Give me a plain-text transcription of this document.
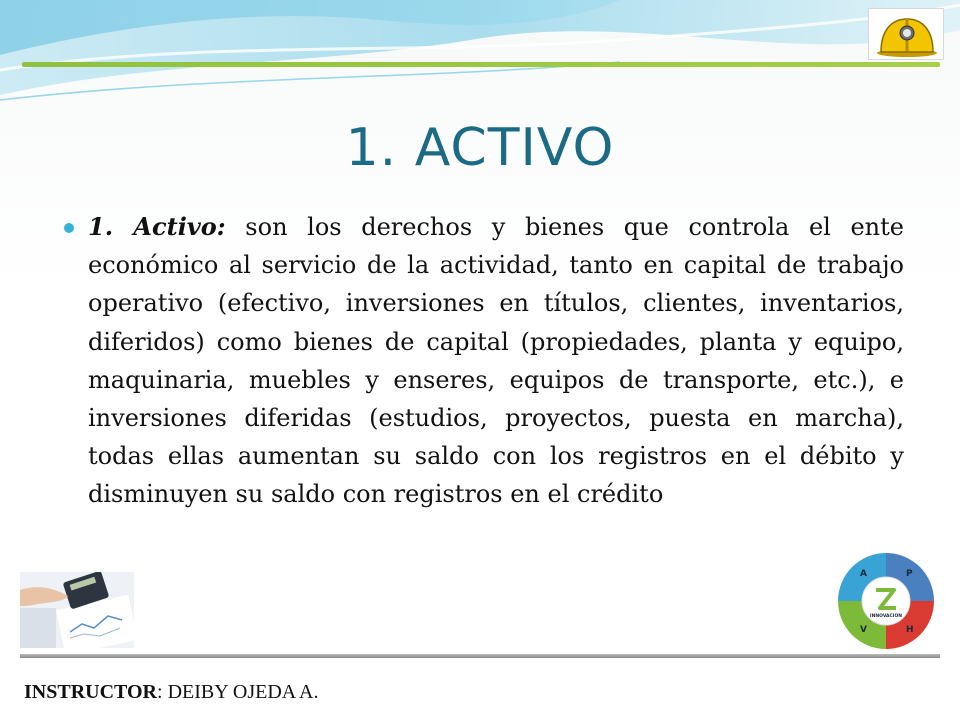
1. ACTIVO

1. Activo: son los derechos y bienes que controla el ente económico al servicio de la actividad, tanto en capital de trabajo operativo (efectivo, inversiones en títulos, clientes, inventarios, diferidos) como bienes de capital (propiedades, planta y equipo, maquinaria, muebles y enseres, equipos de transporte, etc.), e inversiones diferidas (estudios, proyectos, puesta en marcha), todas ellas aumentan su saldo con los registros en el débito y disminuyen su saldo con registros en el crédito

A	P
V	H
INNOVACION
INSTRUCTOR: DEIBY OJEDA A.
